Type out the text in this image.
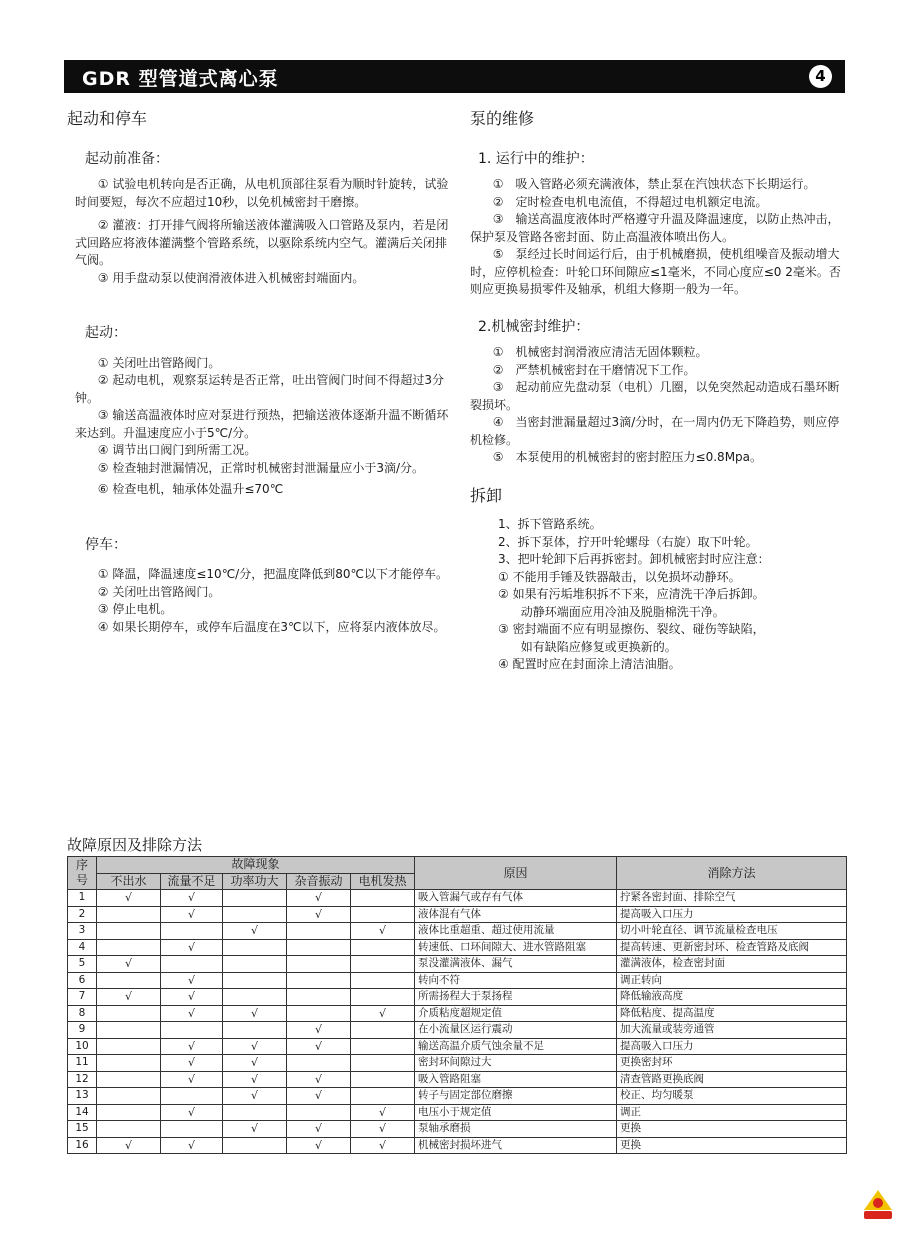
GDR 型管道式离心泵	4
起动和停车
起动前准备：

① 试验电机转向是否正确，从电机顶部往泵看为顺时针旋转，试验时间要短，每次不应超过10秒，以免机械密封干磨擦。

② 灌液：打开排气阀将所输送液体灌满吸入口管路及泵内，若是闭式回路应将液体灌满整个管路系统，以驱除系统内空气。灌满后关闭排气阀。

③ 用手盘动泵以使润滑液体进入机械密封端面内。

起动：

① 关闭吐出管路阀门。

② 起动电机，观察泵运转是否正常，吐出管阀门时间不得超过3分钟。

③ 输送高温液体时应对泵进行预热，把输送液体逐渐升温不断循环来达到。升温速度应小于5℃/分。

④ 调节出口阀门到所需工况。

⑤ 检查轴封泄漏情况，正常时机械密封泄漏量应小于3滴/分。

⑥ 检查电机，轴承体处温升≤70℃

停车：

① 降温，降温速度≤10℃/分，把温度降低到80℃以下才能停车。

② 关闭吐出管路阀门。

③ 停止电机。

④ 如果长期停车，或停车后温度在3℃以下，应将泵内液体放尽。

泵的维修
1. 运行中的维护：

①　吸入管路必须充满液体，禁止泵在汽蚀状态下长期运行。

②　定时检查电机电流值，不得超过电机额定电流。

③　输送高温度液体时严格遵守升温及降温速度，以防止热冲击，保护泵及管路各密封面、防止高温液体喷出伤人。

⑤　泵经过长时间运行后，由于机械磨损，使机组噪音及振动增大时，应停机检查：叶轮口环间隙应≤1毫米，不同心度应≤0 2毫米。否则应更换易损零件及轴承，机组大修期一般为一年。

2.机械密封维护：

①　机械密封润滑液应清洁无固体颗粒。

②　严禁机械密封在干磨情况下工作。

③　起动前应先盘动泵（电机）几圈，以免突然起动造成石墨环断裂损坏。

④　当密封泄漏量超过3滴/分时，在一周内仍无下降趋势，则应停机检修。

⑤　本泵使用的机械密封的密封腔压力≤0.8Mpa。

拆卸

1、拆下管路系统。

2、拆下泵体，拧开叶轮螺母（右旋）取下叶轮。

3、把叶轮卸下后再拆密封。卸机械密封时应注意：

① 不能用手锤及铁器敲击，以免损坏动静环。

② 如果有污垢堆积拆不下来，应清洗干净后拆卸。

动静环端面应用冷油及脱脂棉洗干净。

③ 密封端面不应有明显擦伤、裂纹、碰伤等缺陷，

如有缺陷应修复或更换新的。

④ 配置时应在封面涂上清洁油脂。

故障原因及排除方法
序号	故障现象					原因	消除方法
	不出水	流量不足	功率功大	杂音振动	电机发热		
1	√	√		√		吸入管漏气或存有气体	拧紧各密封面、排除空气
2		√		√		液体混有气体	提高吸入口压力
3			√		√	液体比重超重、超过使用流量	切小叶轮直径、调节流量检查电压
4		√				转速低、口环间隙大、进水管路阻塞	提高转速、更新密封环、检查管路及底阀
5	√					泵没灌满液体、漏气	灌满液体，检查密封面
6		√				转向不符	调正转向
7	√	√				所需扬程大于泵扬程	降低输液高度
8		√	√		√	介质粘度超规定值	降低粘度、提高温度
9				√		在小流量区运行震动	加大流量或装旁通管
10		√	√	√		输送高温介质气蚀余量不足	提高吸入口压力
11		√	√			密封环间隙过大	更换密封环
12		√	√	√		吸入管路阻塞	清查管路更换底阀
13			√	√		转子与固定部位磨擦	校正、均匀暖泵
14		√			√	电压小于规定值	调正
15			√	√	√	泵轴承磨损	更换
16	√	√		√	√	机械密封损坏进气	更换
